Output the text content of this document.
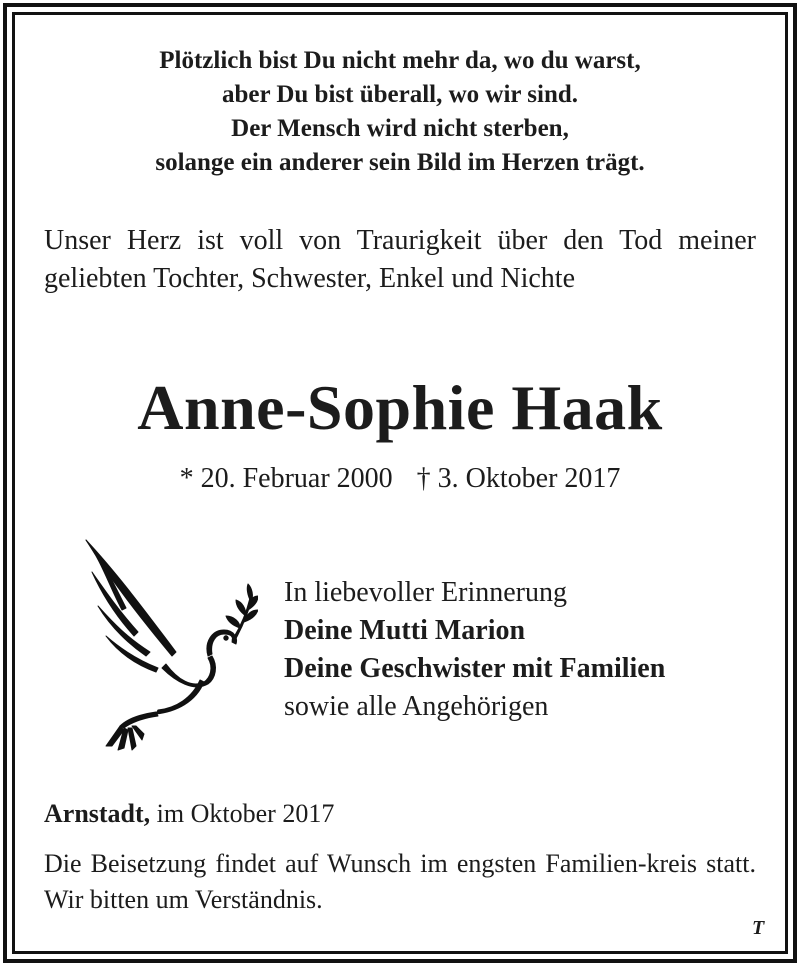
Plötzlich bist Du nicht mehr da, wo du warst,
aber Du bist überall, wo wir sind.
Der Mensch wird nicht sterben,
solange ein anderer sein Bild im Herzen trägt.
Unser Herz ist voll von Traurigkeit über den Tod meiner geliebten Tochter, Schwester, Enkel und Nichte
Anne-Sophie Haak
* 20. Februar 2000 † 3. Oktober 2017
In liebevoller Erinnerung
Deine Mutti Marion
Deine Geschwister mit Familien
sowie alle Angehörigen
Arnstadt, im Oktober 2017
Die Beisetzung findet auf Wunsch im engsten Familien-kreis statt. Wir bitten um Verständnis.
T
